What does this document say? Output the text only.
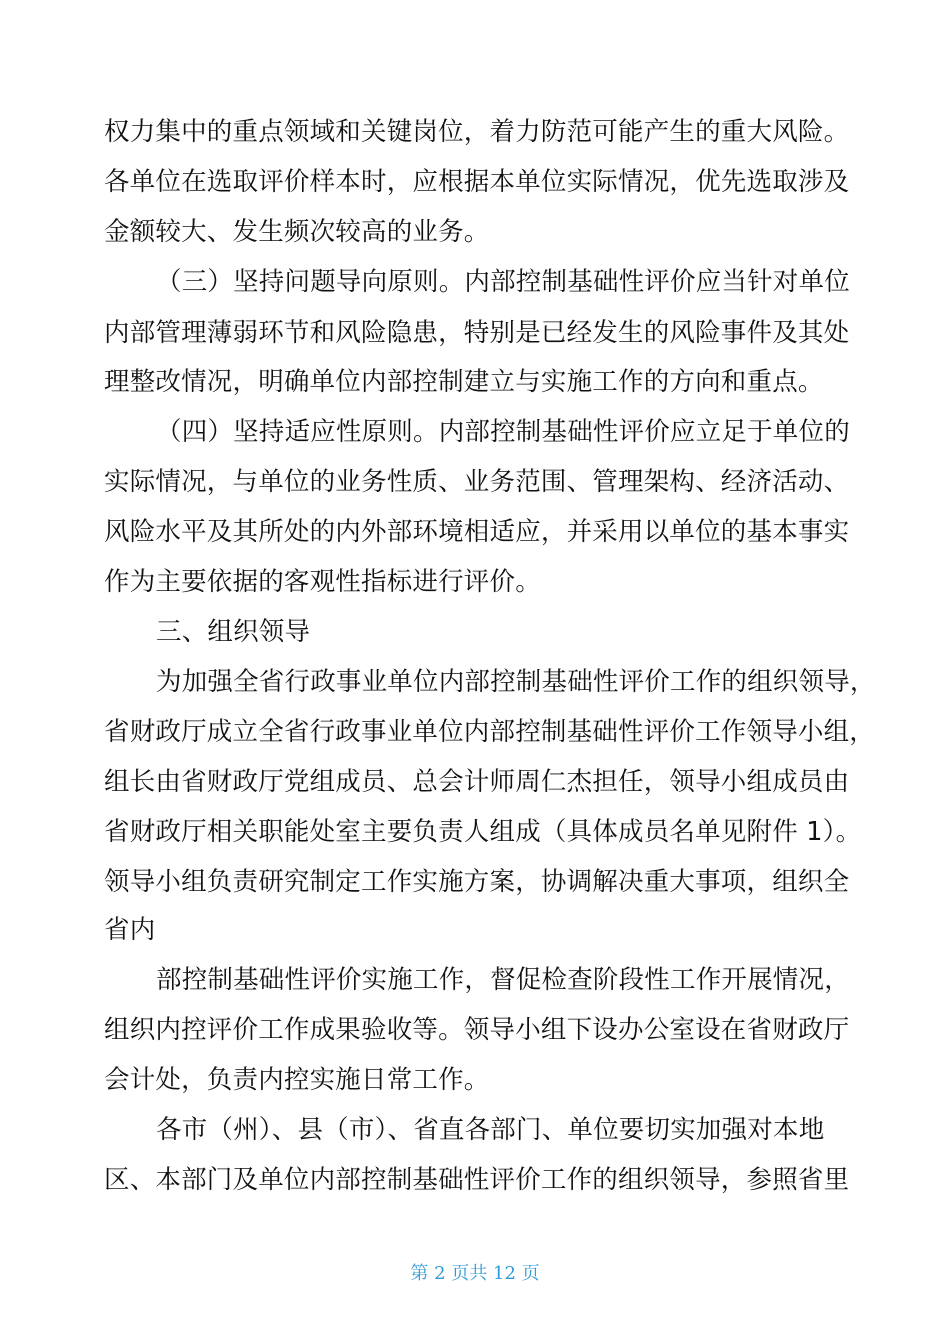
权力集中的重点领域和关键岗位，着力防范可能产生的重大风险。
各单位在选取评价样本时，应根据本单位实际情况，优先选取涉及
金额较大、发生频次较高的业务。
（三）坚持问题导向原则。内部控制基础性评价应当针对单位
内部管理薄弱环节和风险隐患，特别是已经发生的风险事件及其处
理整改情况，明确单位内部控制建立与实施工作的方向和重点。
（四）坚持适应性原则。内部控制基础性评价应立足于单位的
实际情况，与单位的业务性质、业务范围、管理架构、经济活动、
风险水平及其所处的内外部环境相适应，并采用以单位的基本事实
作为主要依据的客观性指标进行评价。
三、组织领导
为加强全省行政事业单位内部控制基础性评价工作的组织领导，
省财政厅成立全省行政事业单位内部控制基础性评价工作领导小组，
组长由省财政厅党组成员、总会计师周仁杰担任，领导小组成员由
省财政厅相关职能处室主要负责人组成（具体成员名单见附件 1）。
领导小组负责研究制定工作实施方案，协调解决重大事项，组织全
省内
部控制基础性评价实施工作，督促检查阶段性工作开展情况，
组织内控评价工作成果验收等。领导小组下设办公室设在省财政厅
会计处，负责内控实施日常工作。
各市（州）、县（市）、省直各部门、单位要切实加强对本地
区、本部门及单位内部控制基础性评价工作的组织领导，参照省里
第 2 页共 12 页
